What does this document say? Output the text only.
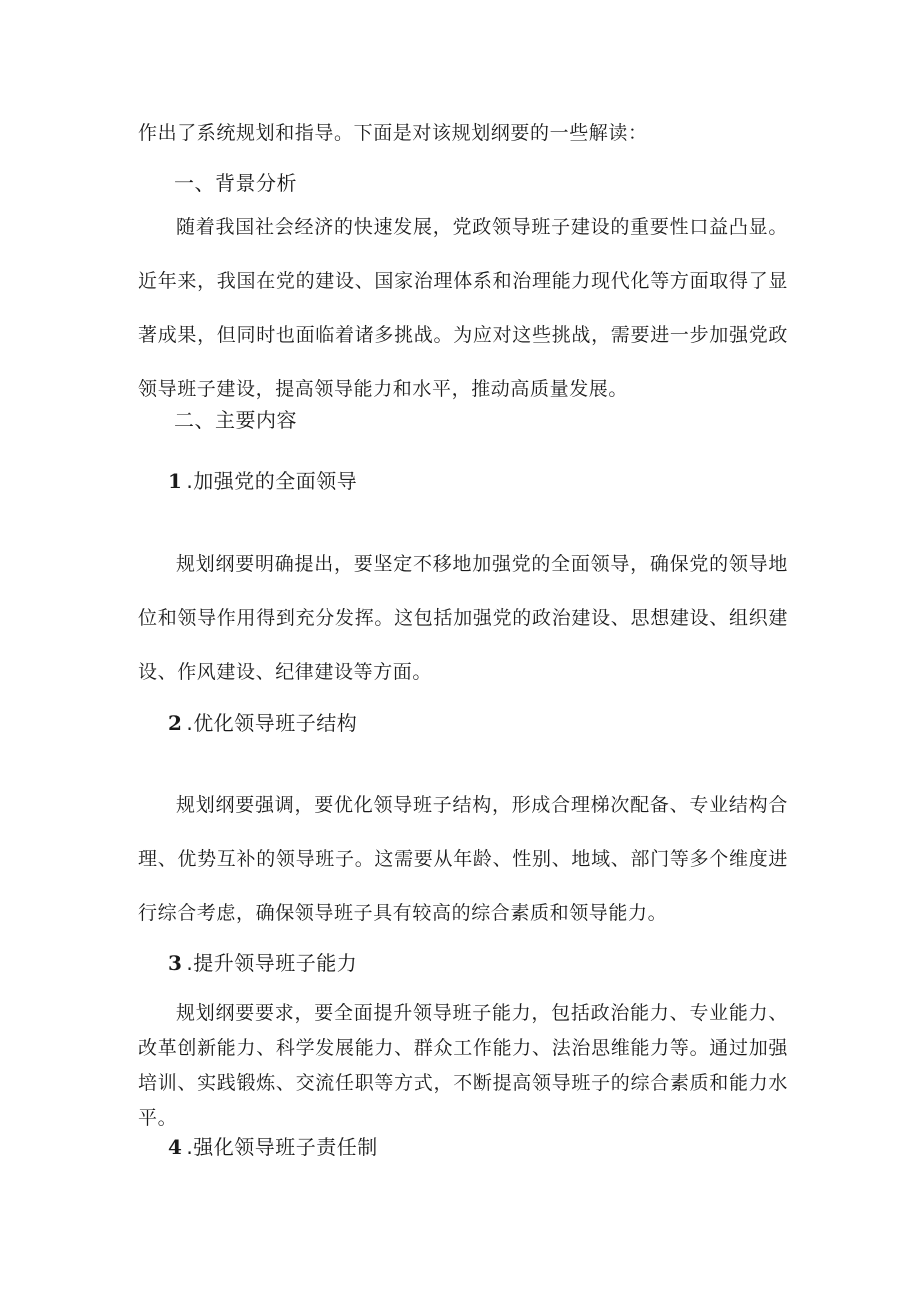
作出了系统规划和指导。下面是对该规划纲要的一些解读：

一、背景分析

随着我国社会经济的快速发展，党政领导班子建设的重要性口益凸显。近年来，我国在党的建设、国家治理体系和治理能力现代化等方面取得了显著成果，但同时也面临着诸多挑战。为应对这些挑战，需要进一步加强党政领导班子建设，提高领导能力和水平，推动高质量发展。

二、主要内容
1 .加强党的全面领导

规划纲要明确提出，要坚定不移地加强党的全面领导，确保党的领导地位和领导作用得到充分发挥。这包括加强党的政治建设、思想建设、组织建设、作风建设、纪律建设等方面。

2 .优化领导班子结构

规划纲要强调，要优化领导班子结构，形成合理梯次配备、专业结构合理、优势互补的领导班子。这需要从年龄、性别、地域、部门等多个维度进行综合考虑，确保领导班子具有较高的综合素质和领导能力。

3 .提升领导班子能力

规划纲要要求，要全面提升领导班子能力，包括政治能力、专业能力、改革创新能力、科学发展能力、群众工作能力、法治思维能力等。通过加强培训、实践锻炼、交流任职等方式，不断提高领导班子的综合素质和能力水平。

4 .强化领导班子责任制
